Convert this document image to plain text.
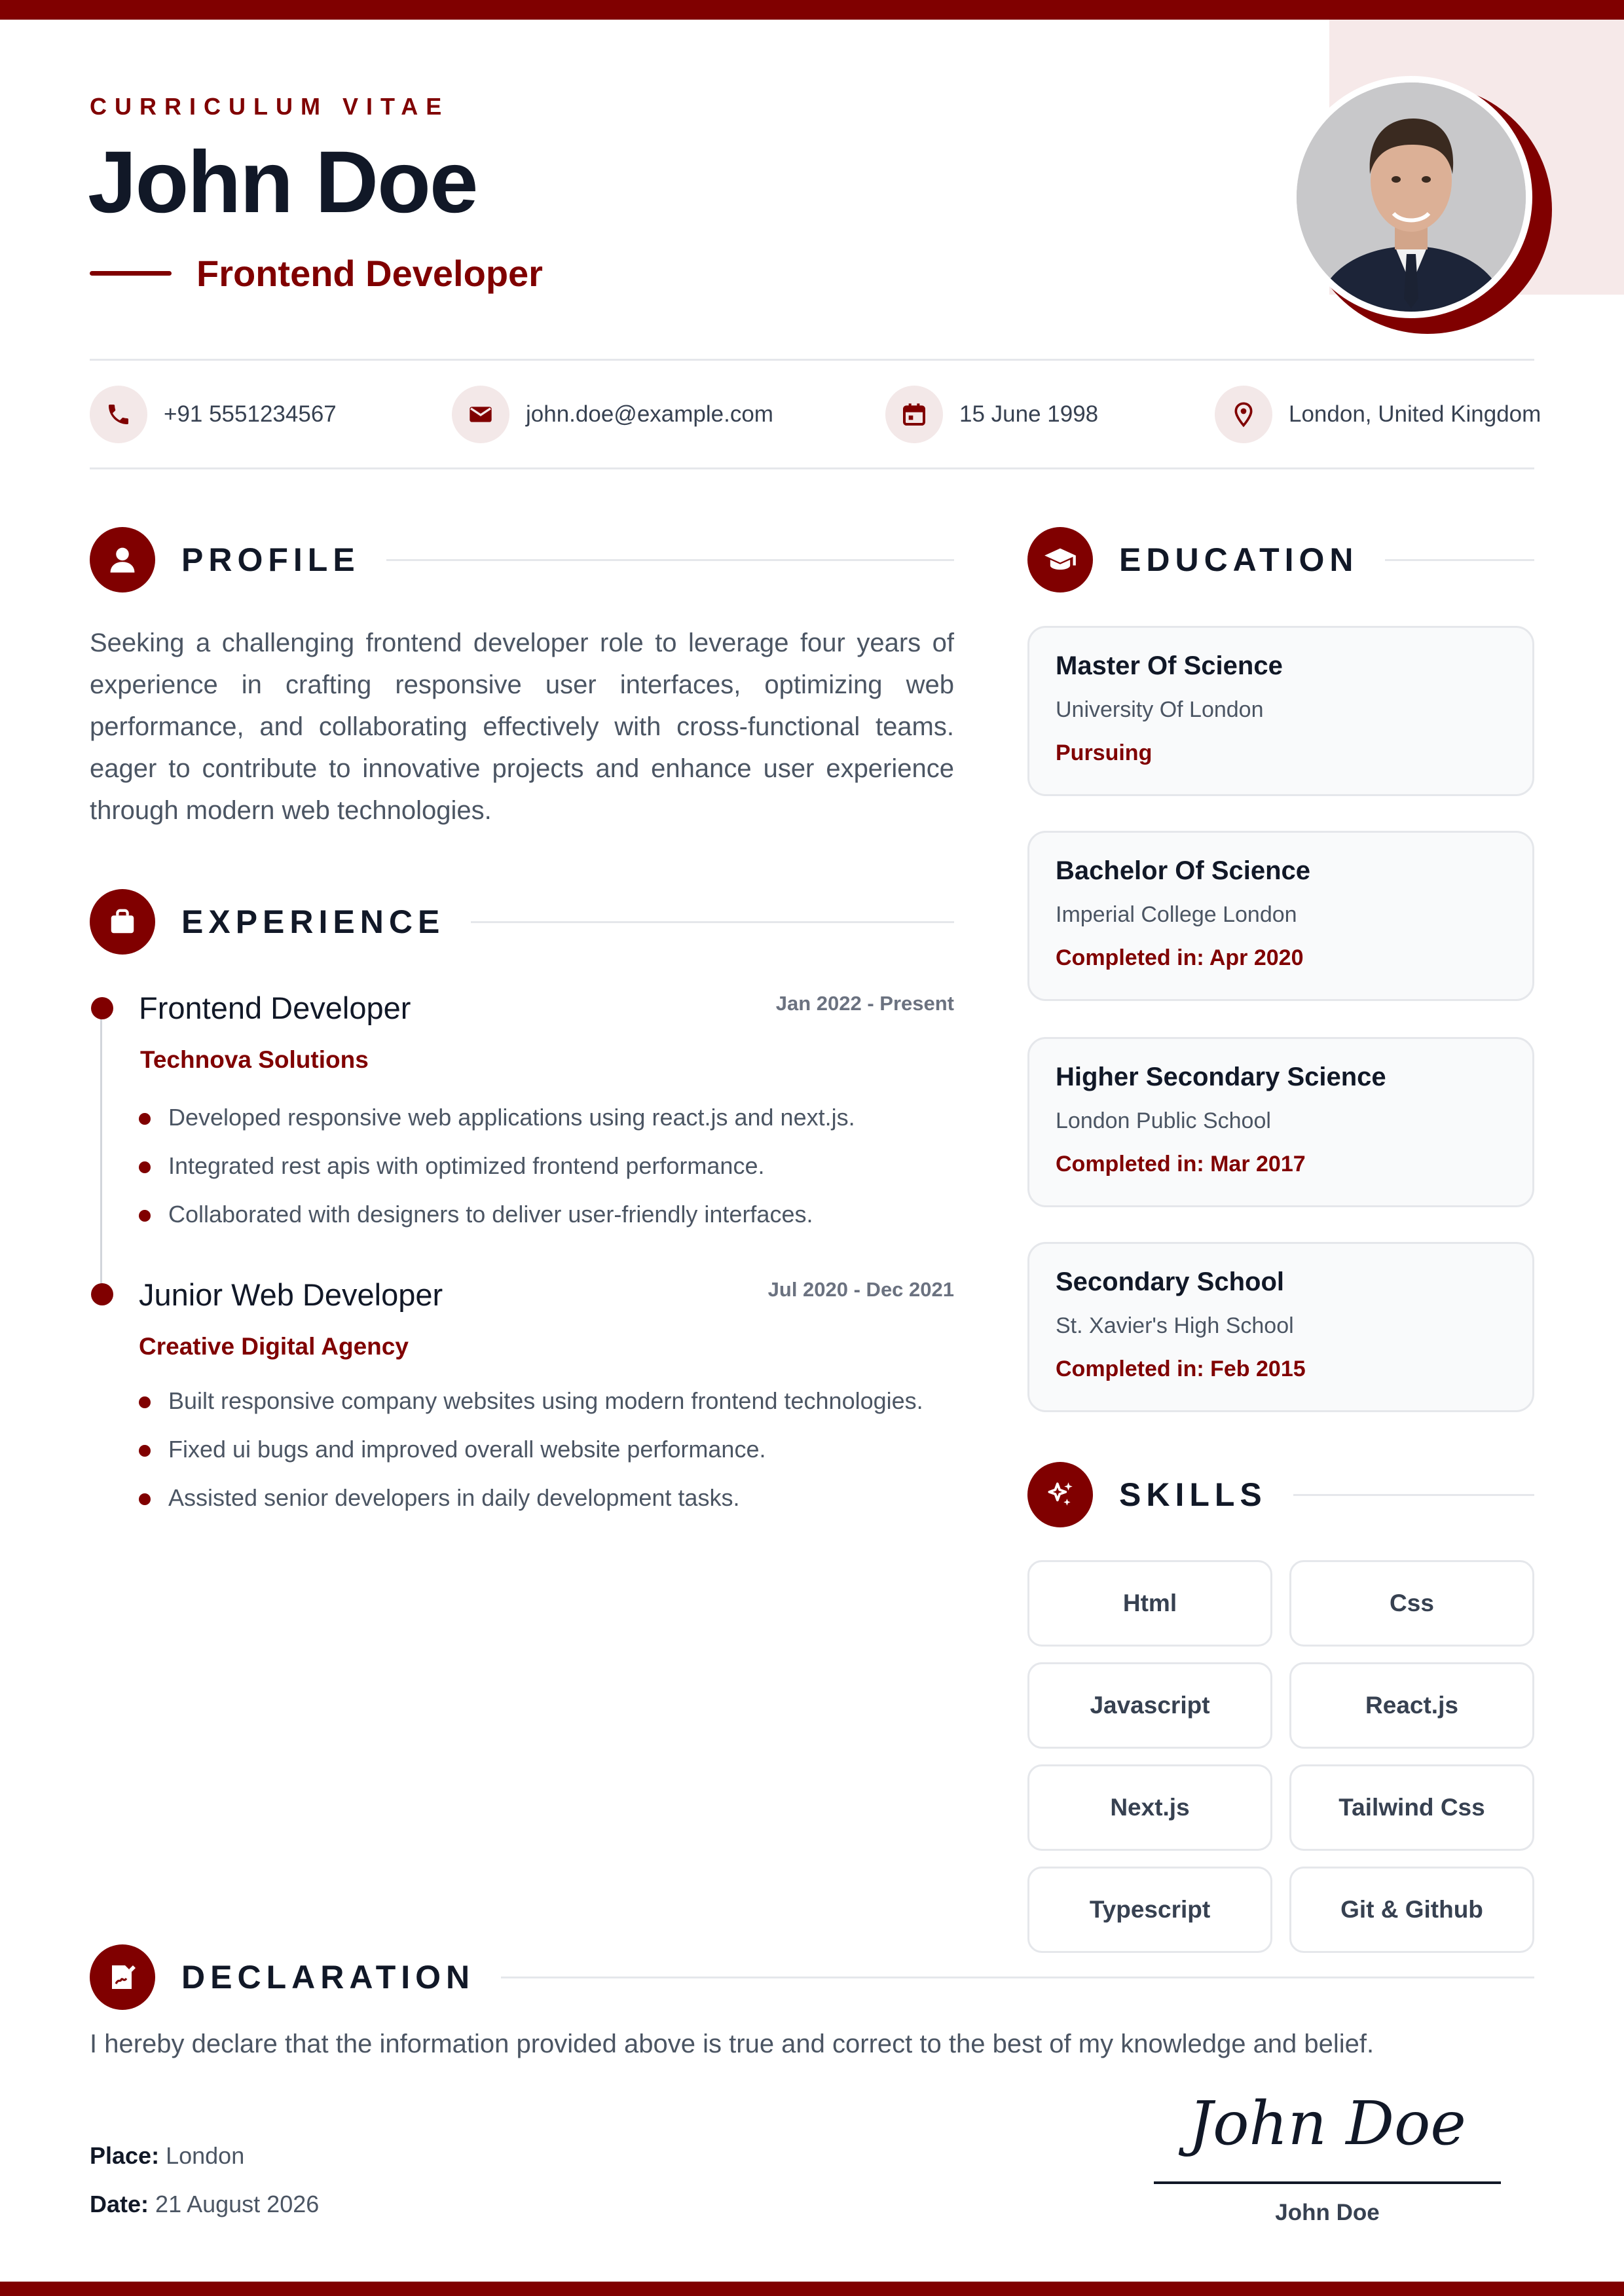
CURRICULUM VITAE
John Doe
Frontend Developer
+91 5551234567	john.doe@example.com	15 June 1998	London, United Kingdom
PROFILE

Seeking a challenging frontend developer role to leverage four years of experience in crafting responsive user interfaces, optimizing web performance, and collaborating effectively with cross-functional teams. eager to contribute to innovative projects and enhance user experience through modern web technologies.

EXPERIENCE
Frontend Developer	Jan 2022 - Present
Technova Solutions
Developed responsive web applications using react.js and next.js.
Integrated rest apis with optimized frontend performance.
Collaborated with designers to deliver user-friendly interfaces.
Junior Web Developer	Jul 2020 - Dec 2021
Creative Digital Agency
Built responsive company websites using modern frontend technologies.
Fixed ui bugs and improved overall website performance.
Assisted senior developers in daily development tasks.
EDUCATION
Master Of Science
University Of London
Pursuing
Bachelor Of Science
Imperial College London
Completed in: Apr 2020
Higher Secondary Science
London Public School
Completed in: Mar 2017
Secondary School
St. Xavier's High School
Completed in: Feb 2015
SKILLS
Html	Css
Javascript	React.js
Next.js	Tailwind Css
Typescript	Git & Github
DECLARATION
I hereby declare that the information provided above is true and correct to the best of my knowledge and belief.
Place: London
Date: 21 August 2026
John Doe
John Doe
